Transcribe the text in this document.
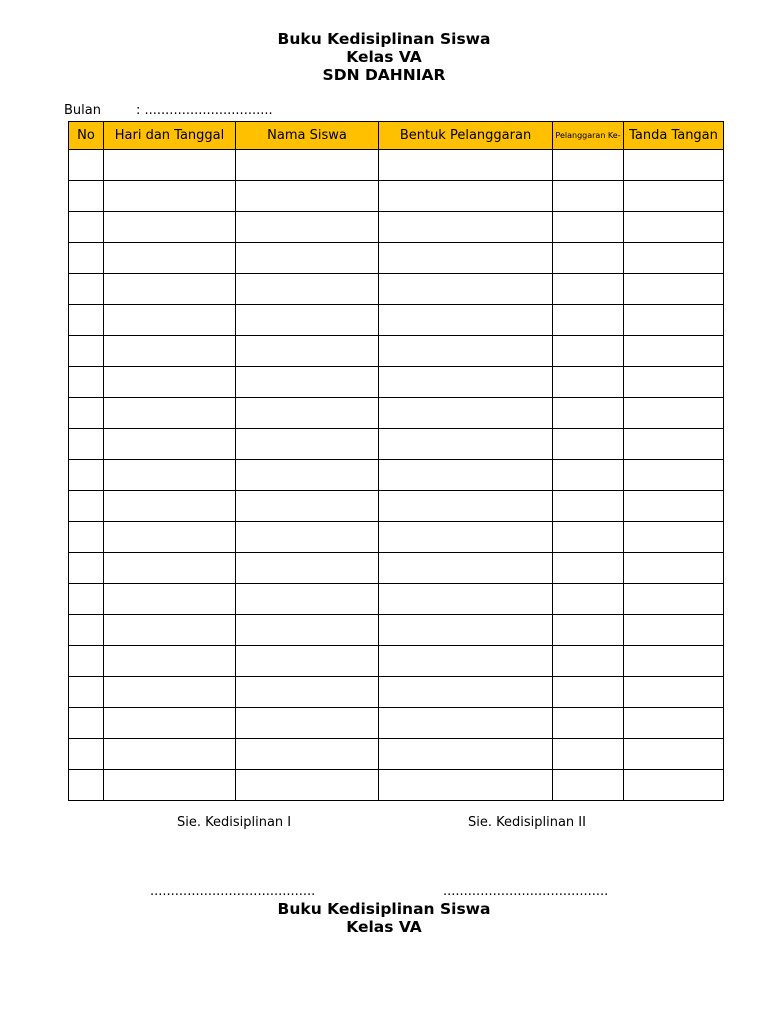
Buku Kedisiplinan Siswa
Kelas VA
SDN DAHNIAR
Bulan	: ...............................
No	Hari dan Tanggal	Nama Siswa	Bentuk Pelanggaran	Pelanggaran Ke-	Tanda Tangan

Sie. Kedisiplinan I	Sie. Kedisiplinan II
........................................	........................................
Buku Kedisiplinan Siswa
Kelas VA
